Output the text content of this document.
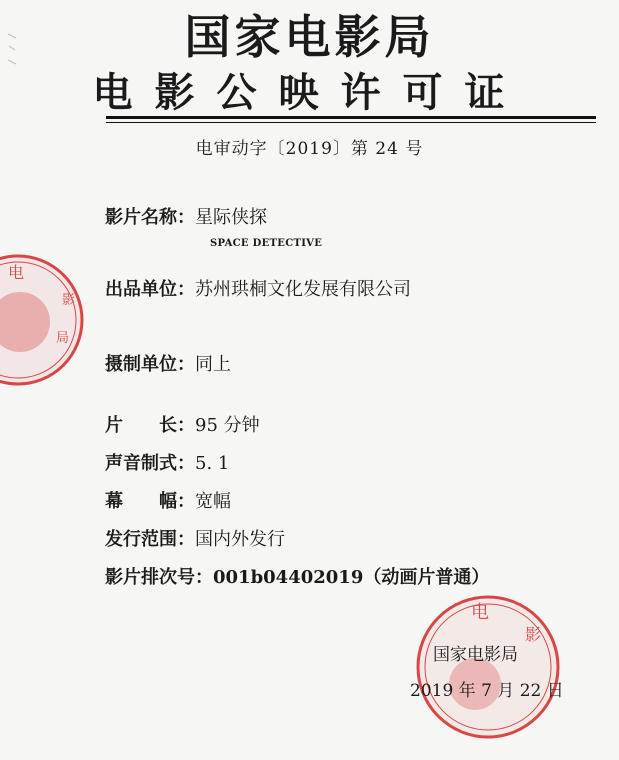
国家电影局
电影公映许可证
电审动字〔2019〕第 24 号
影片名称：星际侠探
SPACE DETECTIVE
出品单位：苏州珙桐文化发展有限公司
摄制单位：同上
片　　长：95 分钟
声音制式：5. 1
幕　　幅：宽幅
发行范围：国内外发行
影片排次号：001b04402019（动画片普通）
电
影
局
电
影
国家电影局
2019 年 7 月 22 日
